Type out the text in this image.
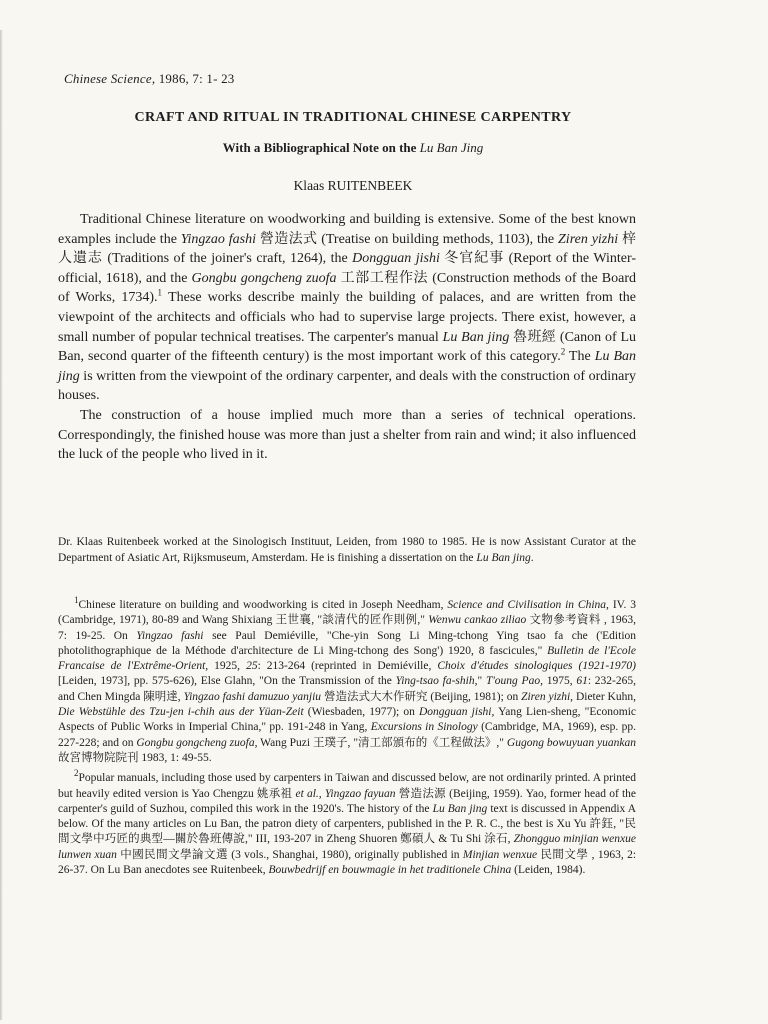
Chinese Science, 1986, 7: 1- 23
CRAFT AND RITUAL IN TRADITIONAL CHINESE CARPENTRY
With a Bibliographical Note on the Lu Ban Jing
Klaas RUITENBEEK

Traditional Chinese literature on woodworking and building is extensive. Some of the best known examples include the Yingzao fashi 營造法式 (Treatise on building methods, 1103), the Ziren yizhi 梓人遺志 (Traditions of the joiner's craft, 1264), the Dongguan jishi 冬官紀事 (Report of the Winter-official, 1618), and the Gongbu gongcheng zuofa 工部工程作法 (Construction methods of the Board of Works, 1734).$^1$ These works describe mainly the building of palaces, and are written from the viewpoint of the architects and officials who had to supervise large projects. There exist, however, a small number of popular technical treatises. The carpenter's manual Lu Ban jing 魯班經 (Canon of Lu Ban, second quarter of the fifteenth century) is the most important work of this category.$^2$ The Lu Ban jing is written from the viewpoint of the ordinary carpenter, and deals with the construction of ordinary houses.

The construction of a house implied much more than a series of technical operations. Correspondingly, the finished house was more than just a shelter from rain and wind; it also influenced the luck of the people who lived in it.

Dr. Klaas Ruitenbeek worked at the Sinologisch Instituut, Leiden, from 1980 to 1985. He is now Assistant Curator at the Department of Asiatic Art, Rijksmuseum, Amsterdam. He is finishing a dissertation on the Lu Ban jing.

$^1$Chinese literature on building and woodworking is cited in Joseph Needham, Science and Civilisation in China, IV. 3 (Cambridge, 1971), 80-89 and Wang Shixiang 王世襄, "談清代的匠作則例," Wenwu cankao ziliao 文物參考資料 , 1963, 7: 19-25. On Yingzao fashi see Paul Demiéville, "Che-yin Song Li Ming-tchong Ying tsao fa che ('Edition photolithographique de la Méthode d'architecture de Li Ming-tchong des Song') 1920, 8 fascicules," Bulletin de l'Ecole Francaise de l'Extrême-Orient, 1925, 25: 213-264 (reprinted in Demiéville, Choix d'études sinologiques (1921-1970) [Leiden, 1973], pp. 575-626), Else Glahn, "On the Transmission of the Ying-tsao fa-shih," T'oung Pao, 1975, 61: 232-265, and Chen Mingda 陳明達, Yingzao fashi damuzuo yanjiu 營造法式大木作研究 (Beijing, 1981); on Ziren yizhi, Dieter Kuhn, Die Webstühle des Tzu-jen i-chih aus der Yüan-Zeit (Wiesbaden, 1977); on Dongguan jishi, Yang Lien-sheng, "Economic Aspects of Public Works in Imperial China," pp. 191-248 in Yang, Excursions in Sinology (Cambridge, MA, 1969), esp. pp. 227-228; and on Gongbu gongcheng zuofa, Wang Puzi 王璞子, "清工部頒布的《工程做法》," Gugong bowuyuan yuankan 故宮博物院院刊 1983, 1: 49-55.

$^2$Popular manuals, including those used by carpenters in Taiwan and discussed below, are not ordinarily printed. A printed but heavily edited version is Yao Chengzu 姚承祖 et al., Yingzao fayuan 營造法源 (Beijing, 1959). Yao, former head of the carpenter's guild of Suzhou, compiled this work in the 1920's. The history of the Lu Ban jing text is discussed in Appendix A below. Of the many articles on Lu Ban, the patron diety of carpenters, published in the P. R. C., the best is Xu Yu 許鈺, "民間文學中巧匠的典型—關於魯班傳說," III, 193-207 in Zheng Shuoren 鄭碩人 & Tu Shi 涂石, Zhongguo minjian wenxue lunwen xuan 中國民間文學論文選 (3 vols., Shanghai, 1980), originally published in Minjian wenxue 民間文學 , 1963, 2: 26-37. On Lu Ban anecdotes see Ruitenbeek, Bouwbedrijf en bouwmagie in het traditionele China (Leiden, 1984).
